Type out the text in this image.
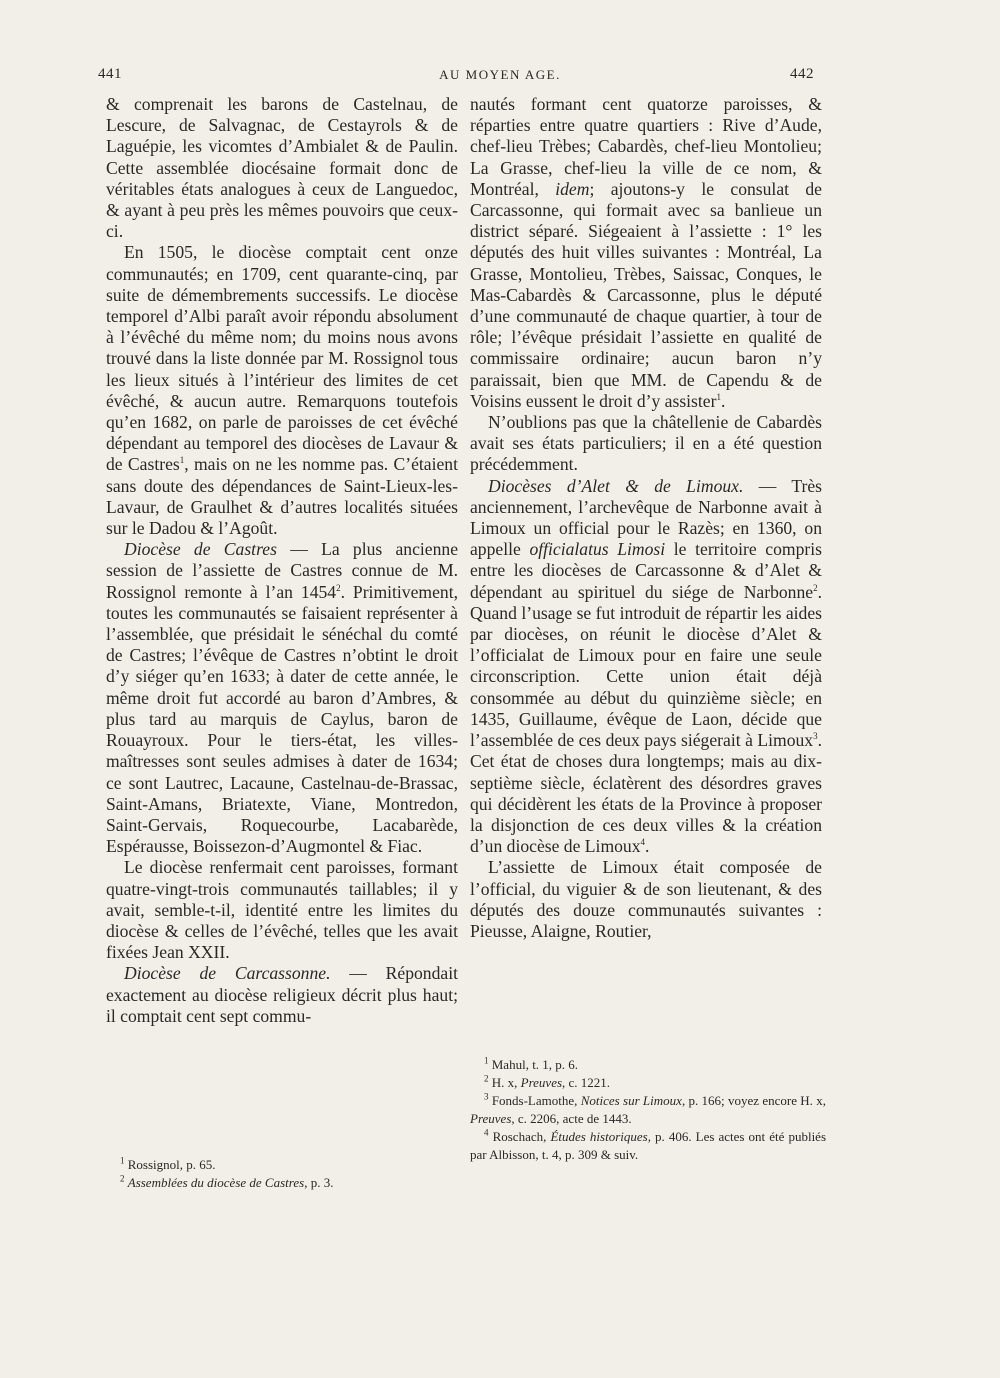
441	AU MOYEN AGE.	442

& comprenait les barons de Castelnau, de Lescure, de Salvagnac, de Cestayrols & de Laguépie, les vicomtes d’Ambialet & de Paulin. Cette assemblée diocésaine formait donc de véritables états analogues à ceux de Languedoc, & ayant à peu près les mêmes pouvoirs que ceux-ci.

En 1505, le diocèse comptait cent onze communautés; en 1709, cent quarante-cinq, par suite de démembrements successifs. Le diocèse temporel d’Albi paraît avoir répondu absolument à l’évêché du même nom; du moins nous avons trouvé dans la liste donnée par M. Rossignol tous les lieux situés à l’intérieur des limites de cet évêché, & aucun autre. Remarquons toutefois qu’en 1682, on parle de paroisses de cet évêché dépendant au temporel des diocèses de Lavaur & de Castres$^1$, mais on ne les nomme pas. C’étaient sans doute des dépendances de Saint-Lieux-les-Lavaur, de Graulhet & d’autres localités situées sur le Dadou & l’Agoût.

Diocèse de Castres — La plus ancienne session de l’assiette de Castres connue de M. Rossignol remonte à l’an 1454$^2$. Primitivement, toutes les communautés se faisaient représenter à l’assemblée, que présidait le sénéchal du comté de Castres; l’évêque de Castres n’obtint le droit d’y siéger qu’en 1633; à dater de cette année, le même droit fut accordé au baron d’Ambres, & plus tard au marquis de Caylus, baron de Rouayroux. Pour le tiers-état, les villes-maîtresses sont seules admises à dater de 1634; ce sont Lautrec, Lacaune, Castelnau-de-Brassac, Saint-Amans, Briatexte, Viane, Montredon, Saint-Gervais, Roquecourbe, Lacabarède, Espérausse, Boissezon-d’Augmontel & Fiac.

Le diocèse renfermait cent paroisses, formant quatre-vingt-trois communautés taillables; il y avait, semble-t-il, identité entre les limites du diocèse & celles de l’évêché, telles que les avait fixées Jean XXII.

Diocèse de Carcassonne. — Répondait exactement au diocèse religieux décrit plus haut; il comptait cent sept commu-

nautés formant cent quatorze paroisses, & réparties entre quatre quartiers : Rive d’Aude, chef-lieu Trèbes; Cabardès, chef-lieu Montolieu; La Grasse, chef-lieu la ville de ce nom, & Montréal, idem; ajoutons-y le consulat de Carcassonne, qui formait avec sa banlieue un district séparé. Siégeaient à l’assiette : 1° les députés des huit villes suivantes : Montréal, La Grasse, Montolieu, Trèbes, Saissac, Conques, le Mas-Cabardès & Carcassonne, plus le député d’une communauté de chaque quartier, à tour de rôle; l’évêque présidait l’assiette en qualité de commissaire ordinaire; aucun baron n’y paraissait, bien que MM. de Capendu & de Voisins eussent le droit d’y assister$^1$.

N’oublions pas que la châtellenie de Cabardès avait ses états particuliers; il en a été question précédemment.

Diocèses d’Alet & de Limoux. — Très anciennement, l’archevêque de Narbonne avait à Limoux un official pour le Razès; en 1360, on appelle officialatus Limosi le territoire compris entre les diocèses de Carcassonne & d’Alet & dépendant au spirituel du siége de Narbonne$^2$. Quand l’usage se fut introduit de répartir les aides par diocèses, on réunit le diocèse d’Alet & l’officialat de Limoux pour en faire une seule circonscription. Cette union était déjà consommée au début du quinzième siècle; en 1435, Guillaume, évêque de Laon, décide que l’assemblée de ces deux pays siégerait à Limoux$^3$. Cet état de choses dura longtemps; mais au dix-septième siècle, éclatèrent des désordres graves qui décidèrent les états de la Province à proposer la disjonction de ces deux villes & la création d’un diocèse de Limoux$^4$.

L’assiette de Limoux était composée de l’official, du viguier & de son lieutenant, & des députés des douze communautés suivantes : Pieusse, Alaigne, Routier,

$^1$ Rossignol, p. 65.

$^2$ Assemblées du diocèse de Castres, p. 3.

$^1$ Mahul, t. 1, p. 6.

$^2$ H. x, Preuves, c. 1221.

$^3$ Fonds-Lamothe, Notices sur Limoux, p. 166; voyez encore H. x, Preuves, c. 2206, acte de 1443.

$^4$ Roschach, Études historiques, p. 406. Les actes ont été publiés par Albisson, t. 4, p. 309 & suiv.
